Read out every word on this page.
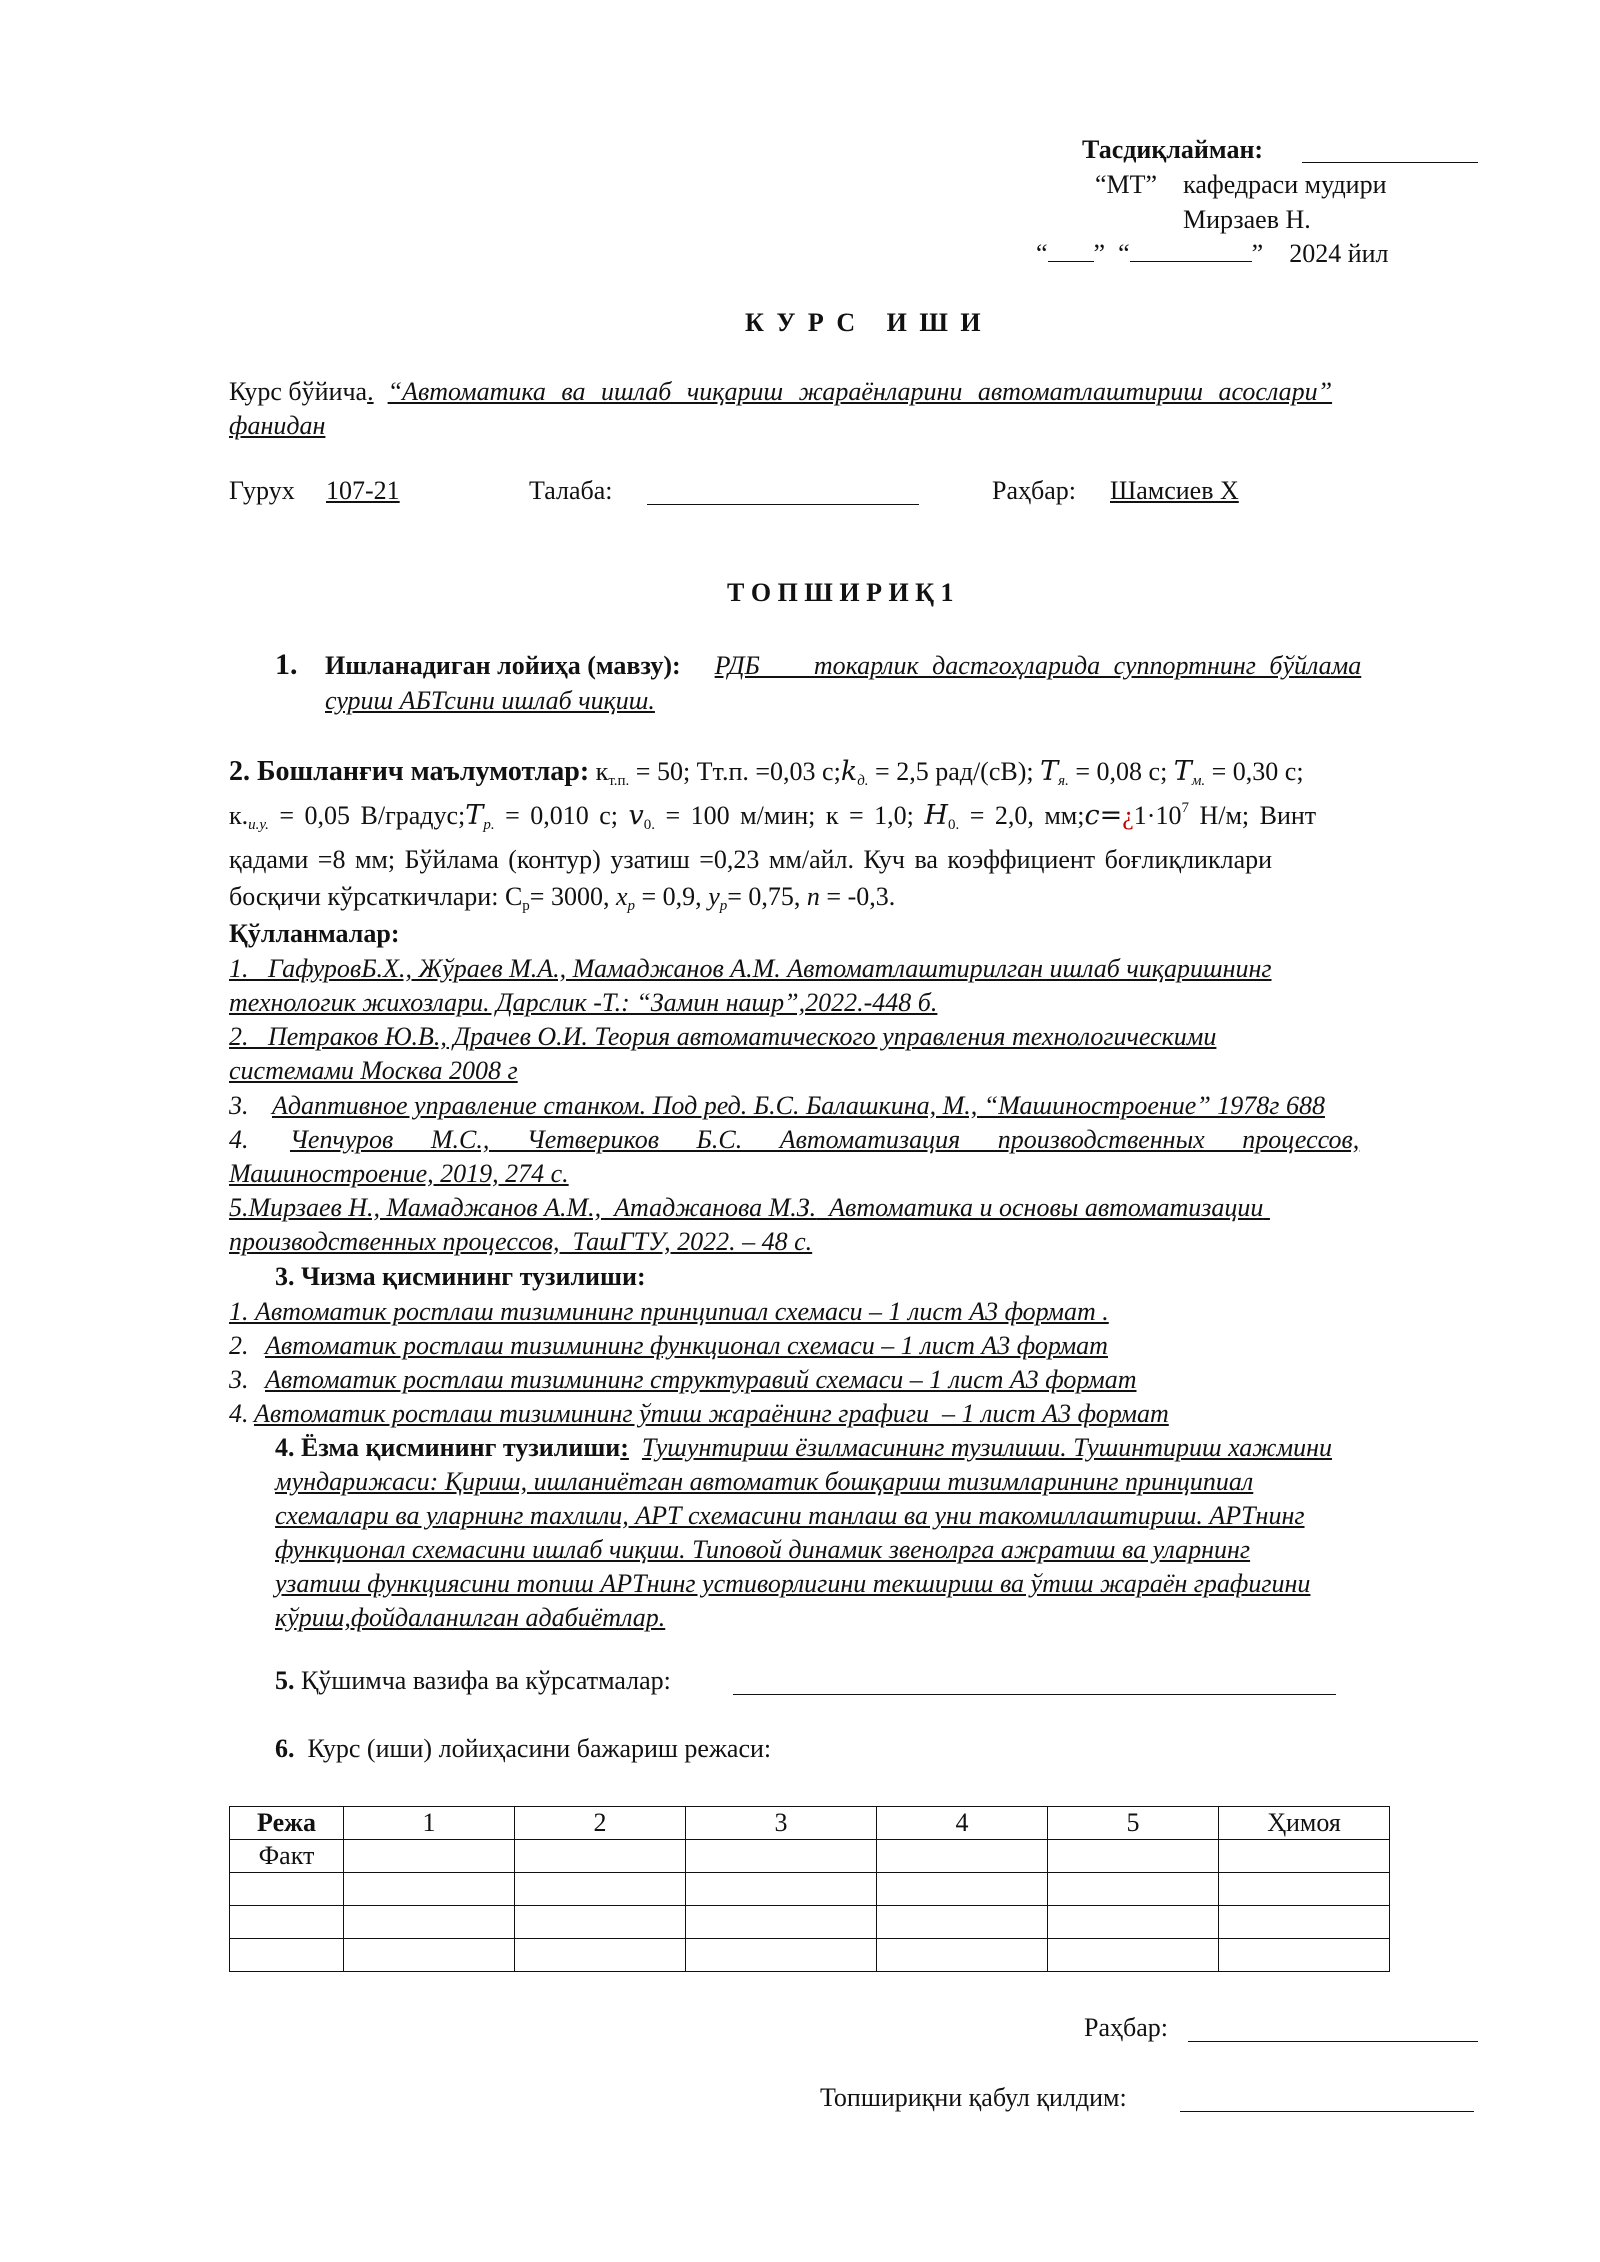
Тасдиқлайман:
“МТ” кафедраси мудири
Мирзаев Н.
“ ” “	” 2024 йил
К У Р С   И Ш И
Курс бўйича. “Автоматика ва ишлаб чиқариш жараёнларини автоматлаштириш асослари”
фанидан
Гурух 107-21	Талаба:	Раҳбар: Шамсиев Х
Т О П Ш И Р И Қ 1
1. Ишланадиган лойиҳа (мавзу): РДБ    токарлик дастгоҳларида суппортнинг бўйлама
суриш АБТсини ишлаб чиқиш.
2. Бошланғич маълумотлар: $к_{т.п.} = 50$; Тт.п. =0,03 $с;k_{д.} = 2,5$ рад/(сВ); $T_{я.} = 0,08$ с; $T_{м.} = 0,30$ с;
$к._{и.у.} = 0,05$ $В/градус;T_{р.} = 0,010$ с; $v_{0.} = 100$ м/мин; к = 1,0; $H_{0.} = 2,0$, $мм;c=¿1\cdot 10^7$ Н/м; Винт
қадами =8 мм; Бўйлама (контур) узатиш =0,23 мм/айл. Куч ва коэффициент боғлиқликлари
босқичи кўрсаткичлари: $С_р= 3000$, $x_р = 0,9$, $у_р= 0,75$, n = -0,3.
Қўлланмалар:
1.   ГафуровБ.Х., Жўраев М.А., Мамаджанов А.М. Автоматлаштирилган ишлаб чиқаришнинг
технологик жихозлари. Дарслик -Т.: “Замин нашр”,2022.-448 б.
2.   Петраков Ю.В., Драчев О.И. Теория автоматического управления технологическими
системами Москва 2008 г
3. Адаптивное управление станком. Под ред. Б.С. Балашкина, М., “Машиностроение” 1978г 688
4. Чепчуров М.С., Четвериков Б.С. Автоматизация производственных процессов,
Машиностроение, 2019, 274 с.
5.Мирзаев Н., Мамаджанов А.М.,  Атаджанова М.З. Автоматика и основы автоматизации
производственных процессов,  ТашГТУ, 2022. – 48 с.
3. Чизма қисмининг тузилиши:
1. Автоматик ростлаш тизимининг принципиал схемаси – 1 лист А3 формат .
2. Автоматик ростлаш тизимининг функционал схемаси – 1 лист А3 формат
3. Автоматик ростлаш тизимининг структуравий схемаси – 1 лист А3 формат
4. Автоматик ростлаш тизимининг ўтиш жараёнинг графиги  – 1 лист А3 формат
4. Ёзма қисмининг тузилиши: Тушунтириш ёзилмасининг тузилиши. Тушинтириш хажмини
мундарижаси: Қириш, ишланиётган автоматик бошқариш тизимларининг принципиал
схемалари ва уларнинг тахлили, АРТ схемасини танлаш ва уни такомиллаштириш. АРТнинг
функционал схемасини ишлаб чиқиш. Типовой динамик звенолрга ажратиш ва уларнинг
узатиш функциясини топиш АРТнинг устиворлигини текшириш ва ўтиш жараён графигини
кўриш,фойдаланилган адабиётлар.
5. Қўшимча вазифа ва кўрсатмалар:
6. Курс (иши) лойиҳасини бажариш режаси:
Режа	1	2	3	4	5	Ҳимоя
Факт						

Раҳбар:
Топшириқни қабул қилдим:
